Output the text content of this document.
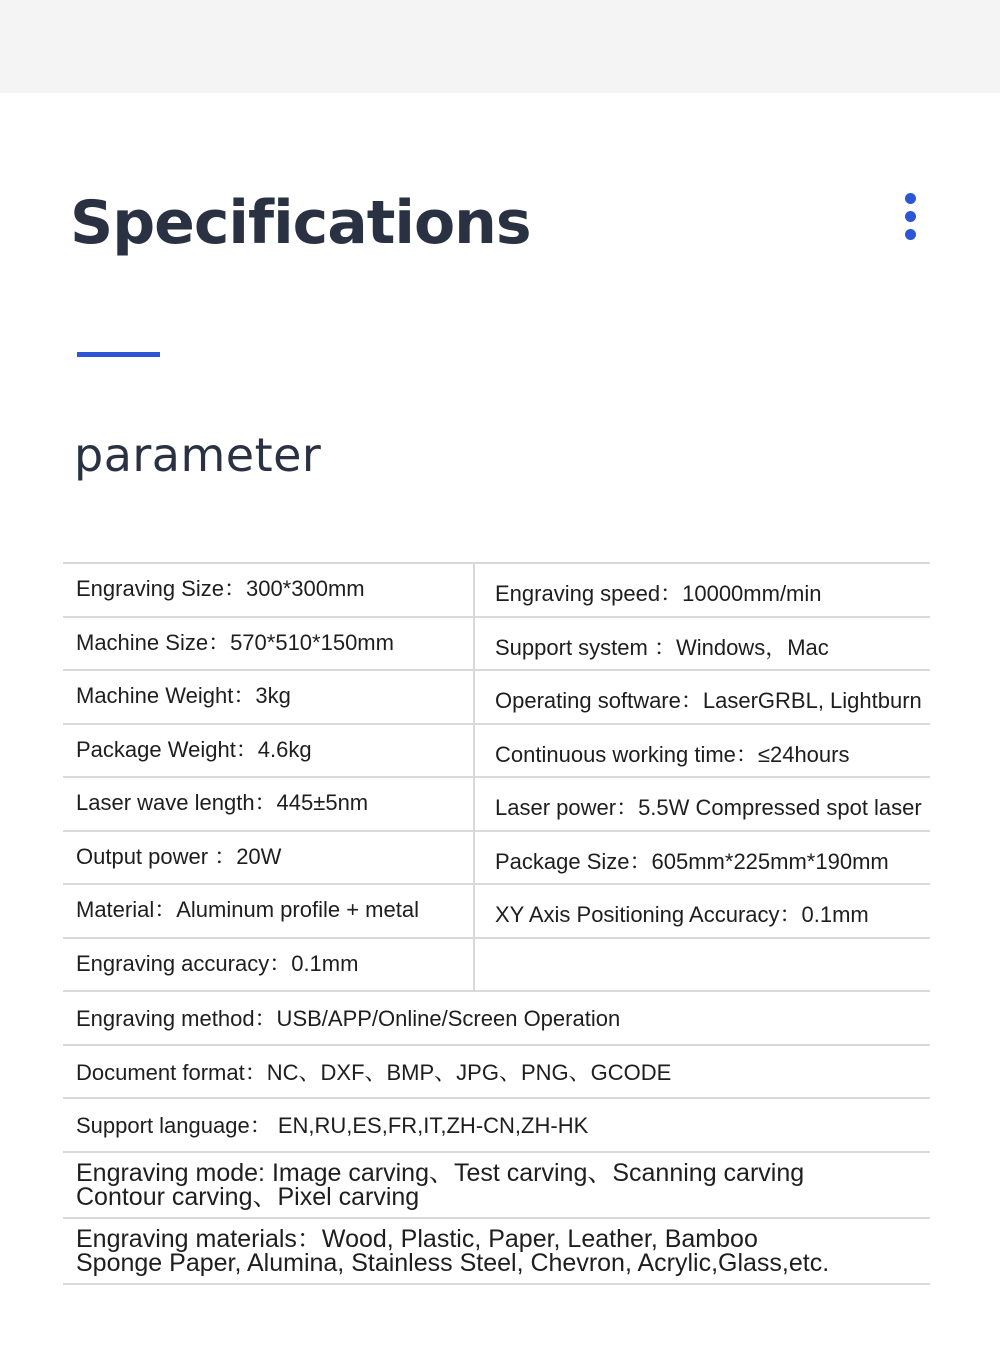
Specifications
parameter
Engraving Size：300*300mm	Engraving speed：10000mm/min
Machine Size：570*510*150mm	Support system ：Windows，Mac
Machine Weight：3kg	Operating software：LaserGRBL, Lightburn
Package Weight：4.6kg	Continuous working time：≤24hours
Laser wave length：445±5nm	Laser power：5.5W Compressed spot laser
Output power ：20W	Package Size：605mm*225mm*190mm
Material：Aluminum profile + metal	XY Axis Positioning Accuracy：0.1mm
Engraving accuracy：0.1mm
Engraving method：USB/APP/Online/Screen Operation
Document format：NC、DXF、BMP、JPG、PNG、GCODE
Support language： EN,RU,ES,FR,IT,ZH-CN,ZH-HK
Engraving mode: Image carving、Test carving、Scanning carving
Contour carving、Pixel carving
Engraving materials：Wood, Plastic, Paper, Leather, Bamboo
Sponge Paper, Alumina, Stainless Steel, Chevron, Acrylic,Glass,etc.
